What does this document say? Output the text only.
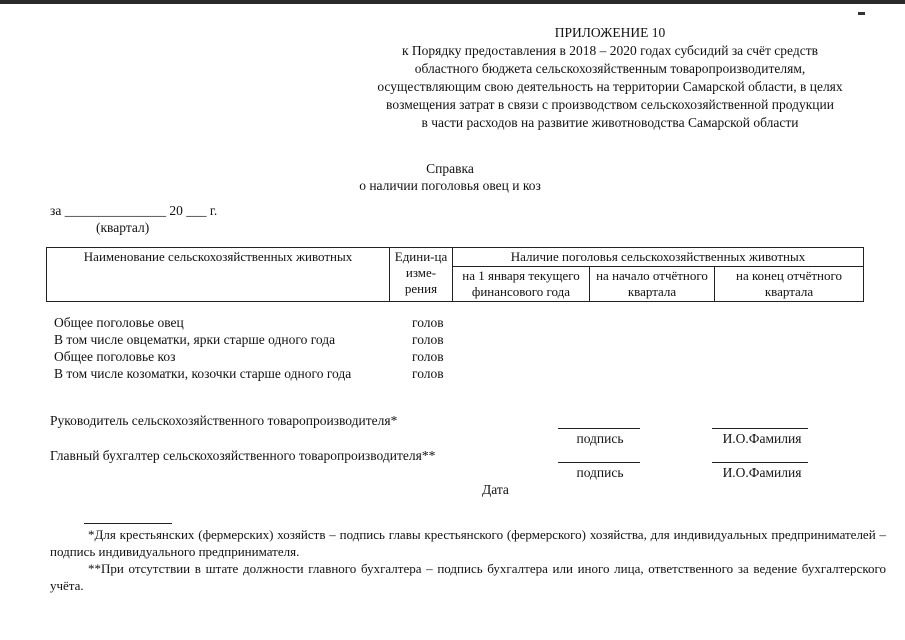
ПРИЛОЖЕНИЕ 10
к Порядку предоставления в 2018 – 2020 годах субсидий за счёт средств
областного бюджета сельскохозяйственным товаропроизводителям,
осуществляющим свою деятельность на территории Самарской области, в целях
возмещения затрат в связи с производством сельскохозяйственной продукции
в части расходов на развитие животноводства Самарской области
Справка
о наличии поголовья овец и коз
за _______________ 20 ___ г.
(квартал)
Наименование сельскохозяйственных животных	Едини-ца изме-рения	Наличие поголовья сельскохозяйственных животных		
		на 1 января текущего финансового года	на начало отчётного квартала	на конец отчётного квартала
Общее поголовье овец	голов
В том числе овцематки, ярки старше одного года	голов
Общее поголовье коз	голов
В том числе козоматки, козочки старше одного года	голов
Руководитель сельскохозяйственного товаропроизводителя*
подпись	И.О.Фамилия
Главный бухгалтер сельскохозяйственного товаропроизводителя**
подпись	И.О.Фамилия
Дата
*Для крестьянских (фермерских) хозяйств – подпись главы крестьянского (фермерского) хозяйства, для индивидуальных предпринимателей – подпись индивидуального предпринимателя.
**При отсутствии в штате должности главного бухгалтера – подпись бухгалтера или иного лица, ответственного за ведение бухгалтерского учёта.
